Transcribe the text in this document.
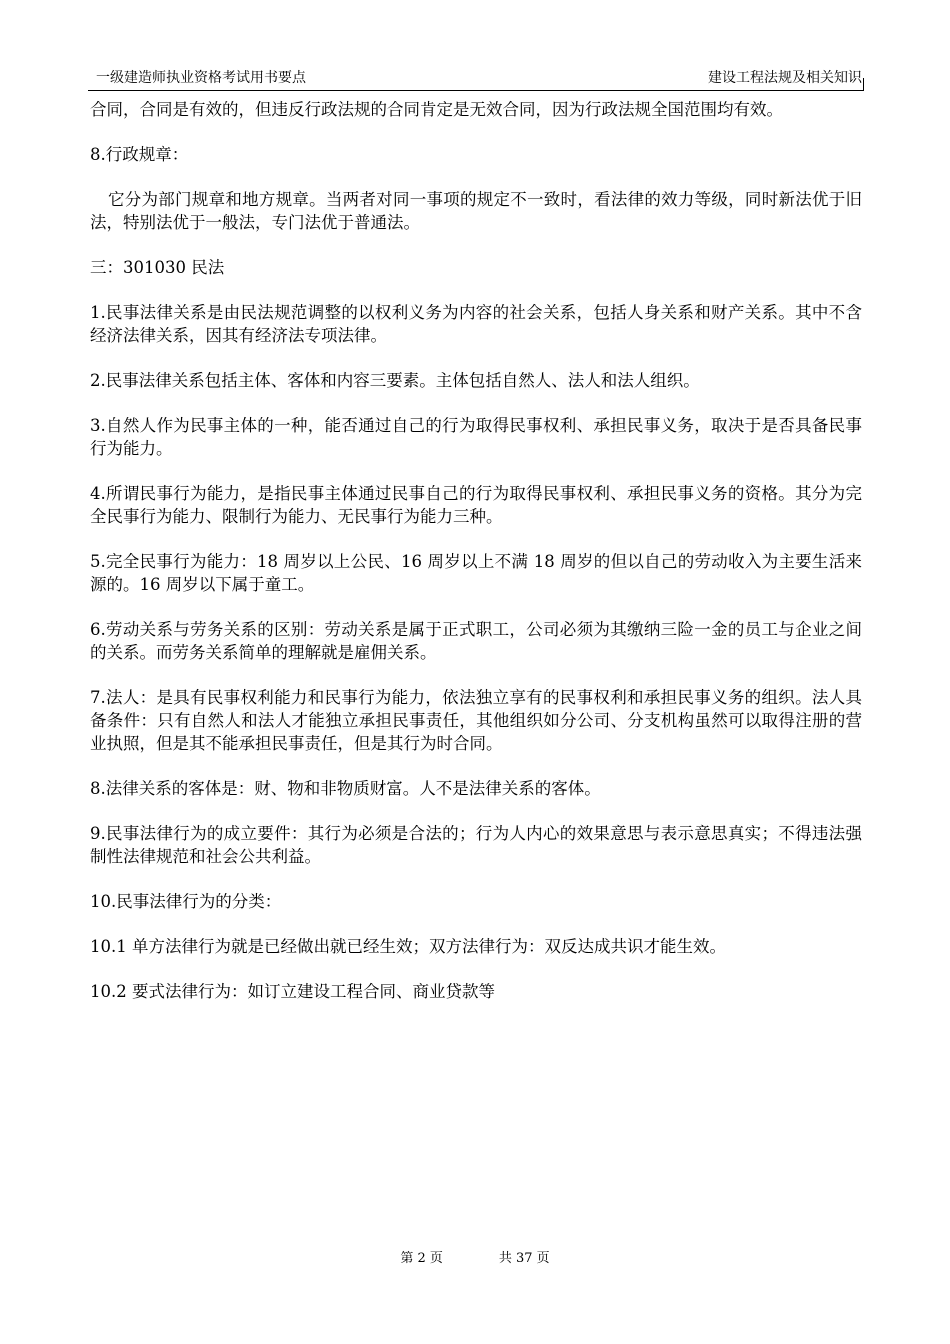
一级建造师执业资格考试用书要点	建设工程法规及相关知识

合同，合同是有效的，但违反行政法规的合同肯定是无效合同，因为行政法规全国范围均有效。

8.行政规章：

它分为部门规章和地方规章。当两者对同一事项的规定不一致时，看法律的效力等级，同时新法优于旧法，特别法优于一般法，专门法优于普通法。

三：301030 民法

1.民事法律关系是由民法规范调整的以权利义务为内容的社会关系，包括人身关系和财产关系。其中不含经济法律关系，因其有经济法专项法律。

2.民事法律关系包括主体、客体和内容三要素。主体包括自然人、法人和法人组织。

3.自然人作为民事主体的一种，能否通过自己的行为取得民事权利、承担民事义务，取决于是否具备民事行为能力。

4.所谓民事行为能力，是指民事主体通过民事自己的行为取得民事权利、承担民事义务的资格。其分为完全民事行为能力、限制行为能力、无民事行为能力三种。

5.完全民事行为能力：18 周岁以上公民、16 周岁以上不满 18 周岁的但以自己的劳动收入为主要生活来源的。16 周岁以下属于童工。

6.劳动关系与劳务关系的区别：劳动关系是属于正式职工，公司必须为其缴纳三险一金的员工与企业之间的关系。而劳务关系简单的理解就是雇佣关系。

7.法人：是具有民事权利能力和民事行为能力，依法独立享有的民事权利和承担民事义务的组织。法人具备条件：只有自然人和法人才能独立承担民事责任，其他组织如分公司、分支机构虽然可以取得注册的营业执照，但是其不能承担民事责任，但是其行为时合同。

8.法律关系的客体是：财、物和非物质财富。人不是法律关系的客体。

9.民事法律行为的成立要件：其行为必须是合法的；行为人内心的效果意思与表示意思真实；不得违法强制性法律规范和社会公共利益。

10.民事法律行为的分类：

10.1 单方法律行为就是已经做出就已经生效；双方法律行为：双反达成共识才能生效。

10.2 要式法律行为：如订立建设工程合同、商业贷款等

第 2 页	共 37 页
